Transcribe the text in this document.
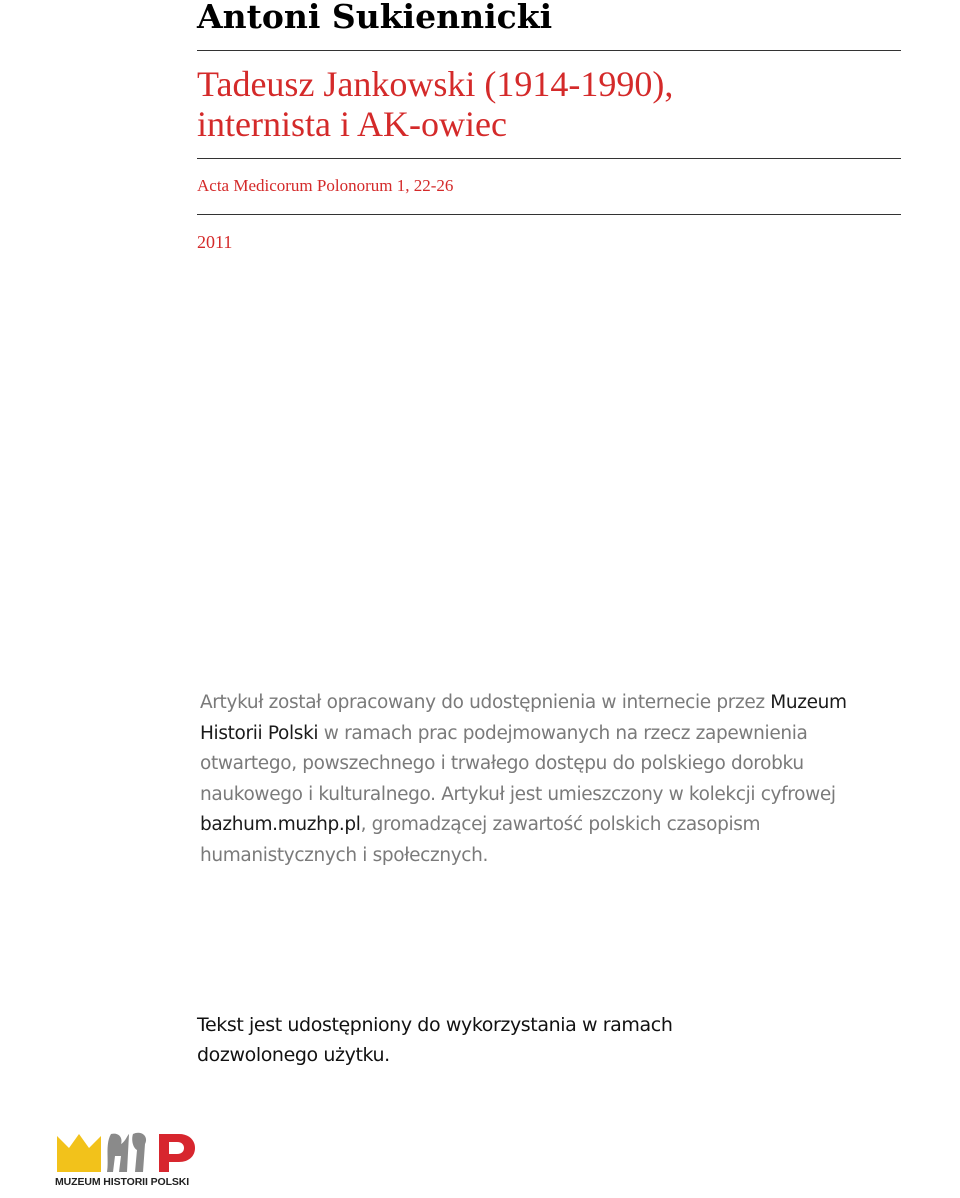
Antoni Sukiennicki
Tadeusz Jankowski (1914-1990),
internista i AK-owiec
Acta Medicorum Polonorum 1, 22-26
2011

Artykuł został opracowany do udostępnienia w internecie przez Muzeum Historii Polski w ramach prac podejmowanych na rzecz zapewnienia otwartego, powszechnego i trwałego dostępu do polskiego dorobku naukowego i kulturalnego. Artykuł jest umieszczony w kolekcji cyfrowej bazhum.muzhp.pl, gromadzącej zawartość polskich czasopism humanistycznych i społecznych.

Tekst jest udostępniony do wykorzystania w ramach dozwolonego użytku.

MUZEUM HISTORII POLSKI
